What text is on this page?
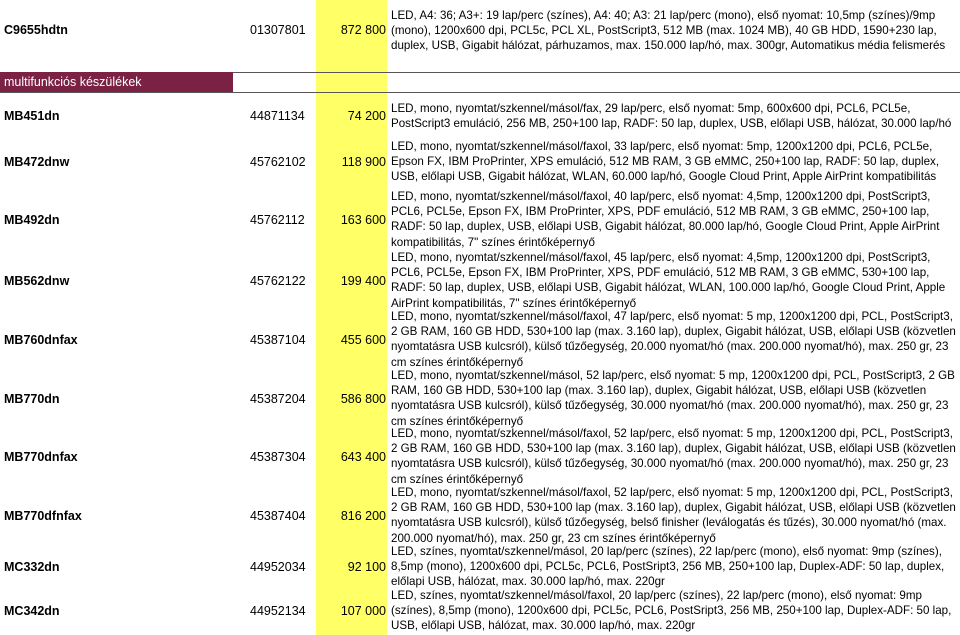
C9655hdtn	01307801	872 800
LED, A4: 36; A3+: 19 lap/perc (színes), A4: 40; A3: 21 lap/perc (mono), első nyomat: 10,5mp (színes)/9mp
(mono), 1200x600 dpi, PCL5c, PCL XL, PostScript3, 512 MB (max. 1024 MB), 40 GB HDD, 1590+230 lap,
duplex, USB, Gigabit hálózat, párhuzamos, max. 150.000 lap/hó, max. 300gr, Automatikus média felismerés
multifunkciós készülékek
MB451dn	44871134	74 200
LED, mono, nyomtat/szkennel/másol/fax, 29 lap/perc, első nyomat: 5mp, 600x600 dpi, PCL6, PCL5e,
PostScript3 emuláció, 256 MB, 250+100 lap, RADF: 50 lap, duplex, USB, előlapi USB, hálózat, 30.000 lap/hó
MB472dnw	45762102	118 900
LED, mono, nyomtat/szkennel/másol/faxol, 33 lap/perc, első nyomat: 5mp, 1200x1200 dpi, PCL6, PCL5e,
Epson FX, IBM ProPrinter, XPS emuláció, 512 MB RAM, 3 GB eMMC, 250+100 lap, RADF: 50 lap, duplex,
USB, előlapi USB, Gigabit hálózat, WLAN, 60.000 lap/hó, Google Cloud Print, Apple AirPrint kompatibilitás
MB492dn	45762112	163 600
LED, mono, nyomtat/szkennel/másol/faxol, 40 lap/perc, első nyomat: 4,5mp, 1200x1200 dpi, PostScript3,
PCL6, PCL5e, Epson FX, IBM ProPrinter, XPS, PDF emuláció, 512 MB RAM, 3 GB eMMC, 250+100 lap,
RADF: 50 lap, duplex, USB, előlapi USB, Gigabit hálózat, 80.000 lap/hó, Google Cloud Print, Apple AirPrint
kompatibilitás, 7" színes érintőképernyő
MB562dnw	45762122	199 400
LED, mono, nyomtat/szkennel/másol/faxol, 45 lap/perc, első nyomat: 4,5mp, 1200x1200 dpi, PostScript3,
PCL6, PCL5e, Epson FX, IBM ProPrinter, XPS, PDF emuláció, 512 MB RAM, 3 GB eMMC, 530+100 lap,
RADF: 50 lap, duplex, USB, előlapi USB, Gigabit hálózat, WLAN, 100.000 lap/hó, Google Cloud Print, Apple
AirPrint kompatibilitás, 7" színes érintőképernyő
MB760dnfax	45387104	455 600
LED, mono, nyomtat/szkennel/másol/faxol, 47 lap/perc, első nyomat: 5 mp, 1200x1200 dpi, PCL, PostScript3,
2 GB RAM, 160 GB HDD, 530+100 lap (max. 3.160 lap), duplex, Gigabit hálózat, USB, előlapi USB (közvetlen
nyomtatásra USB kulcsról), külső tűzőegység, 20.000 nyomat/hó (max. 200.000 nyomat/hó), max. 250 gr, 23
cm színes érintőképernyő
MB770dn	45387204	586 800
LED, mono, nyomtat/szkennel/másol, 52 lap/perc, első nyomat: 5 mp, 1200x1200 dpi, PCL, PostScript3, 2 GB
RAM, 160 GB HDD, 530+100 lap (max. 3.160 lap), duplex, Gigabit hálózat, USB, előlapi USB (közvetlen
nyomtatásra USB kulcsról), külső tűzőegység, 30.000 nyomat/hó (max. 200.000 nyomat/hó), max. 250 gr, 23
cm színes érintőképernyő
MB770dnfax	45387304	643 400
LED, mono, nyomtat/szkennel/másol/faxol, 52 lap/perc, első nyomat: 5 mp, 1200x1200 dpi, PCL, PostScript3,
2 GB RAM, 160 GB HDD, 530+100 lap (max. 3.160 lap), duplex, Gigabit hálózat, USB, előlapi USB (közvetlen
nyomtatásra USB kulcsról), külső tűzőegység, 30.000 nyomat/hó (max. 200.000 nyomat/hó), max. 250 gr, 23
cm színes érintőképernyő
MB770dfnfax	45387404	816 200
LED, mono, nyomtat/szkennel/másol/faxol, 52 lap/perc, első nyomat: 5 mp, 1200x1200 dpi, PCL, PostScript3,
2 GB RAM, 160 GB HDD, 530+100 lap (max. 3.160 lap), duplex, Gigabit hálózat, USB, előlapi USB (közvetlen
nyomtatásra USB kulcsról), külső tűzőegység, belső finisher (leválogatás és tűzés), 30.000 nyomat/hó (max.
200.000 nyomat/hó), max. 250 gr, 23 cm színes érintőképernyő
MC332dn	44952034	92 100
LED, színes, nyomtat/szkennel/másol, 20 lap/perc (színes), 22 lap/perc (mono), első nyomat: 9mp (színes),
8,5mp (mono), 1200x600 dpi, PCL5c, PCL6, PostSript3, 256 MB, 250+100 lap, Duplex-ADF: 50 lap, duplex,
előlapi USB, hálózat, max. 30.000 lap/hó, max. 220gr
MC342dn	44952134	107 000
LED, színes, nyomtat/szkennel/másol/faxol, 20 lap/perc (színes), 22 lap/perc (mono), első nyomat: 9mp
(színes), 8,5mp (mono), 1200x600 dpi, PCL5c, PCL6, PostSript3, 256 MB, 250+100 lap, Duplex-ADF: 50 lap,
USB, előlapi USB, hálózat, max. 30.000 lap/hó, max. 220gr
